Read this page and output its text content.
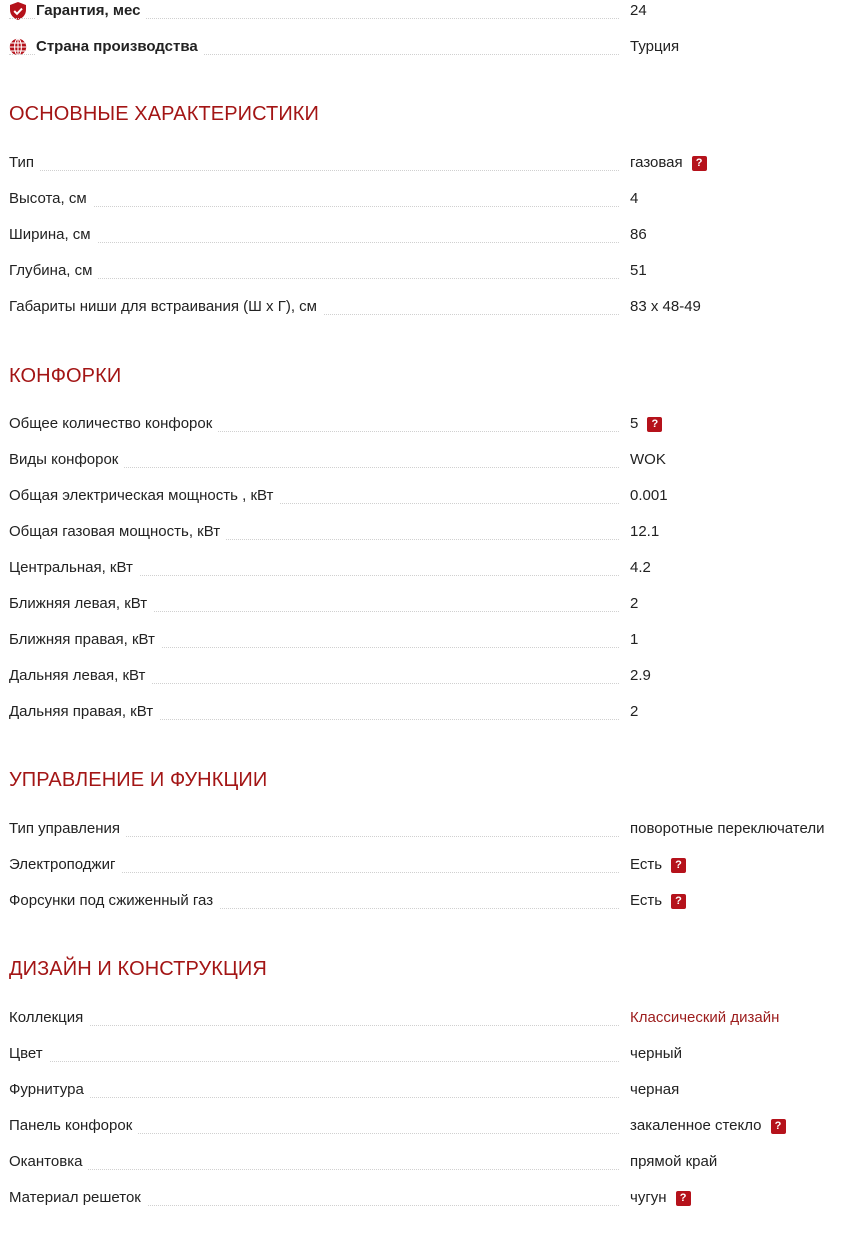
Гарантия, мес	24
Страна производства	Турция
ОСНОВНЫЕ ХАРАКТЕРИСТИКИ
Тип	газовая	?
Высота, см	4
Ширина, см	86
Глубина, см	51
Габариты ниши для встраивания (Ш х Г), см	83 х 48-49
КОНФОРКИ
Общее количество конфорок	5	?
Виды конфорок	WOK
Общая электрическая мощность , кВт	0.001
Общая газовая мощность, кВт	12.1
Центральная, кВт	4.2
Ближняя левая, кВт	2
Ближняя правая, кВт	1
Дальняя левая, кВт	2.9
Дальняя правая, кВт	2
УПРАВЛЕНИЕ И ФУНКЦИИ
Тип управления	поворотные переключатели
Электроподжиг	Есть	?
Форсунки под сжиженный газ	Есть	?
ДИЗАЙН И КОНСТРУКЦИЯ
Коллекция	Классический дизайн
Цвет	черный
Фурнитура	черная
Панель конфорок	закаленное стекло	?
Окантовка	прямой край
Материал решеток	чугун	?
